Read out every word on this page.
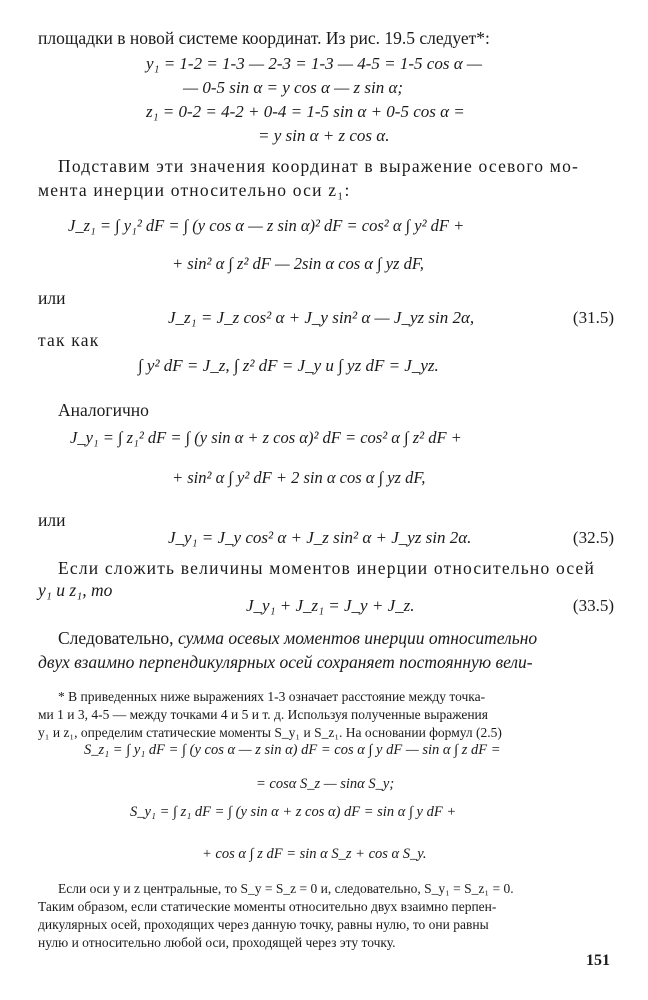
площадки в новой системе координат. Из рис. 19.5 следует*:

y₁ = 1-2 = 1-3 — 2-3 = 1-3 — 4-5 = 1-5 cos α —

— 0-5 sin α = y cos α — z sin α;

z₁ = 0-2 = 4-2 + 0-4 = 1-5 sin α + 0-5 cos α =

= y sin α + z cos α.

Подставим эти значения координат в выражение осевого мо-

мента инерции относительно оси z₁:

J_z₁ = ∫ y₁² dF = ∫ (y cos α — z sin α)² dF = cos² α ∫ y² dF +

+ sin² α ∫ z² dF — 2sin α cos α ∫ yz dF,

или

J_z₁ = J_z cos² α + J_y sin² α — J_yz sin 2α,	(31.5)

так как

∫ y² dF = J_z, ∫ z² dF = J_y и ∫ yz dF = J_yz.

Аналогично

J_y₁ = ∫ z₁² dF = ∫ (y sin α + z cos α)² dF = cos² α ∫ z² dF +

+ sin² α ∫ y² dF + 2 sin α cos α ∫ yz dF,

или

J_y₁ = J_y cos² α + J_z sin² α + J_yz sin 2α.	(32.5)

Если сложить величины моментов инерции относительно осей

y₁ и z₁, то

J_y₁ + J_z₁ = J_y + J_z.	(33.5)

Следовательно, сумма осевых моментов инерции относительно

двух взаимно перпендикулярных осей сохраняет постоянную вели-

* В приведенных ниже выражениях 1-3 означает расстояние между точка-

ми 1 и 3, 4-5 — между точками 4 и 5 и т. д. Используя полученные выражения

y₁ и z₁, определим статические моменты S_y₁ и S_z₁. На основании формул (2.5)

S_z₁ = ∫ y₁ dF = ∫ (y cos α — z sin α) dF = cos α ∫ y dF — sin α ∫ z dF =

= cosα S_z — sinα S_y;

S_y₁ = ∫ z₁ dF = ∫ (y sin α + z cos α) dF = sin α ∫ y dF +

+ cos α ∫ z dF = sin α S_z + cos α S_y.

Если оси y и z центральные, то S_y = S_z = 0 и, следовательно, S_y₁ = S_z₁ = 0.

Таким образом, если статические моменты относительно двух взаимно перпен-

дикулярных осей, проходящих через данную точку, равны нулю, то они равны

нулю и относительно любой оси, проходящей через эту точку.

151
